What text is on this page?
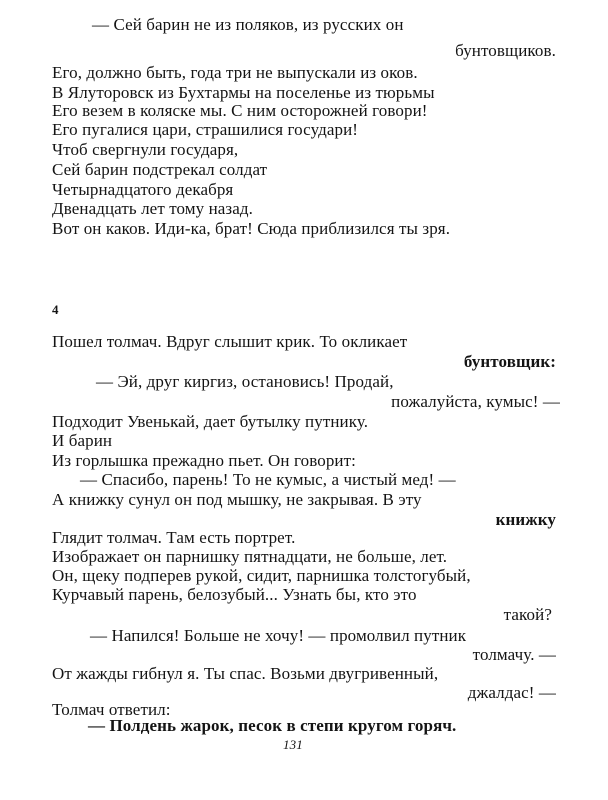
— Сей барин не из поляков, из русских он
бунтовщиков.
Его, должно быть, года три не выпускали из оков.
В Ялуторовск из Бухтармы на поселенье из тюрьмы
Его везем в коляске мы. С ним осторожней говори!
Его пугалися цари, страшилися государи!
Чтоб свергнули государя,
Сей барин подстрекал солдат
Четырнадцатого декабря
Двенадцать лет тому назад.
Вот он каков. Иди-ка, брат! Сюда приблизился ты зря.
4
Пошел толмач. Вдруг слышит крик. То окликает
бунтовщик:
— Эй, друг киргиз, остановись! Продай,
пожалуйста, кумыс! —
Подходит Увенькай, дает бутылку путнику.
И барин
Из горлышка прежадно пьет. Он говорит:
— Спасибо, парень! То не кумыс, а чистый мед! —
А книжку сунул он под мышку, не закрывая. В эту
книжку
Глядит толмач. Там есть портрет.
Изображает он парнишку пятнадцати, не больше, лет.
Он, щеку подперев рукой, сидит, парнишка толстогубый,
Курчавый парень, белозубый... Узнать бы, кто это
такой?
— Напился! Больше не хочу! — промолвил путник
толмачу. —
От жажды гибнул я. Ты спас. Возьми двугривенный,
джалдас! —
Толмач ответил:
— Полдень жарок, песок в степи кругом горяч.
131
